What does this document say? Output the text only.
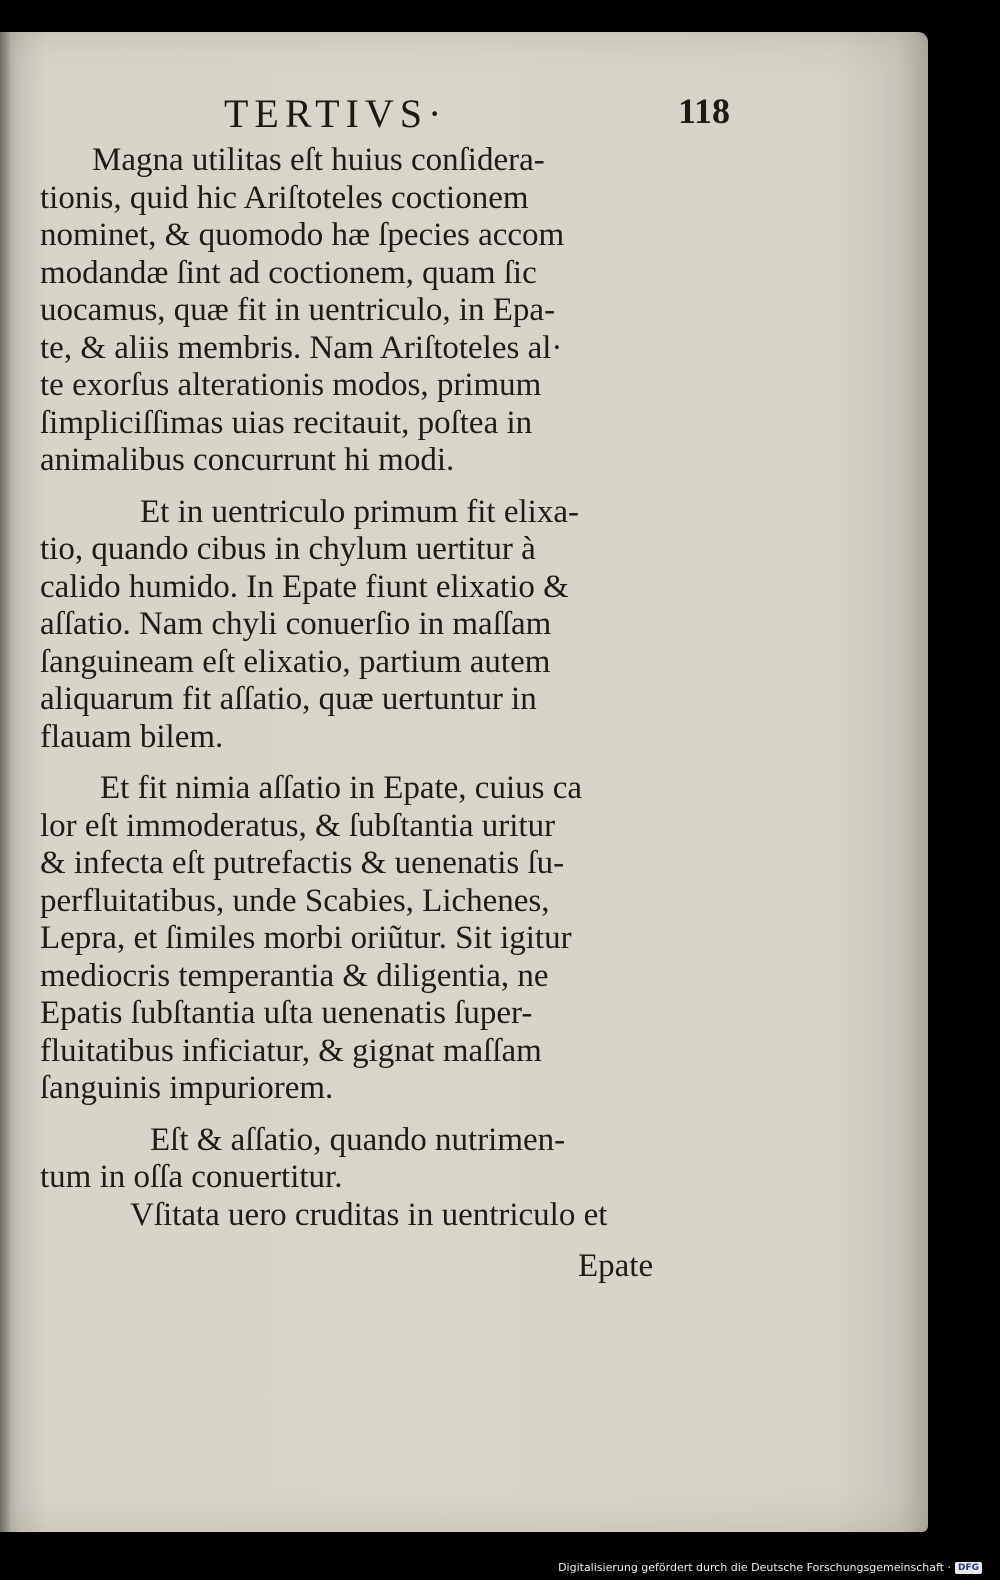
TERTIVS·	118
Magna utilitas eſt huius conſidera-
tionis, quid hic Ariſtoteles coctionem
nominet, & quomodo hæ ſpecies accom
modandæ ſint ad coctionem, quam ſic
uocamus, quæ fit in uentriculo, in Epa-
te, & aliis membris. Nam Ariſtoteles al·
te exorſus alterationis modos, primum
ſimpliciſſimas uias recitauit, poſtea in
animalibus concurrunt hi modi.
Et in uentriculo primum fit elixa-
tio, quando cibus in chylum uertitur à
calido humido. In Epate fiunt elixatio &
aſſatio. Nam chyli conuerſio in maſſam
ſanguineam eſt elixatio, partium autem
aliquarum fit aſſatio, quæ uertuntur in
flauam bilem.
Et fit nimia aſſatio in Epate, cuius ca
lor eſt immoderatus, & ſubſtantia uritur
& infecta eſt putrefactis & uenenatis ſu-
perfluitatibus, unde Scabies, Lichenes,
Lepra, et ſimiles morbi oriũtur. Sit igitur
mediocris temperantia & diligentia, ne
Epatis ſubſtantia uſta uenenatis ſuper-
fluitatibus inficiatur, & gignat maſſam
ſanguinis impuriorem.
Eſt & aſſatio, quando nutrimen-
tum in oſſa conuertitur.
Vſitata uero cruditas in uentriculo et
Epate
Digitalisierung gefördert durch die Deutsche Forschungsgemeinschaft · DFG
